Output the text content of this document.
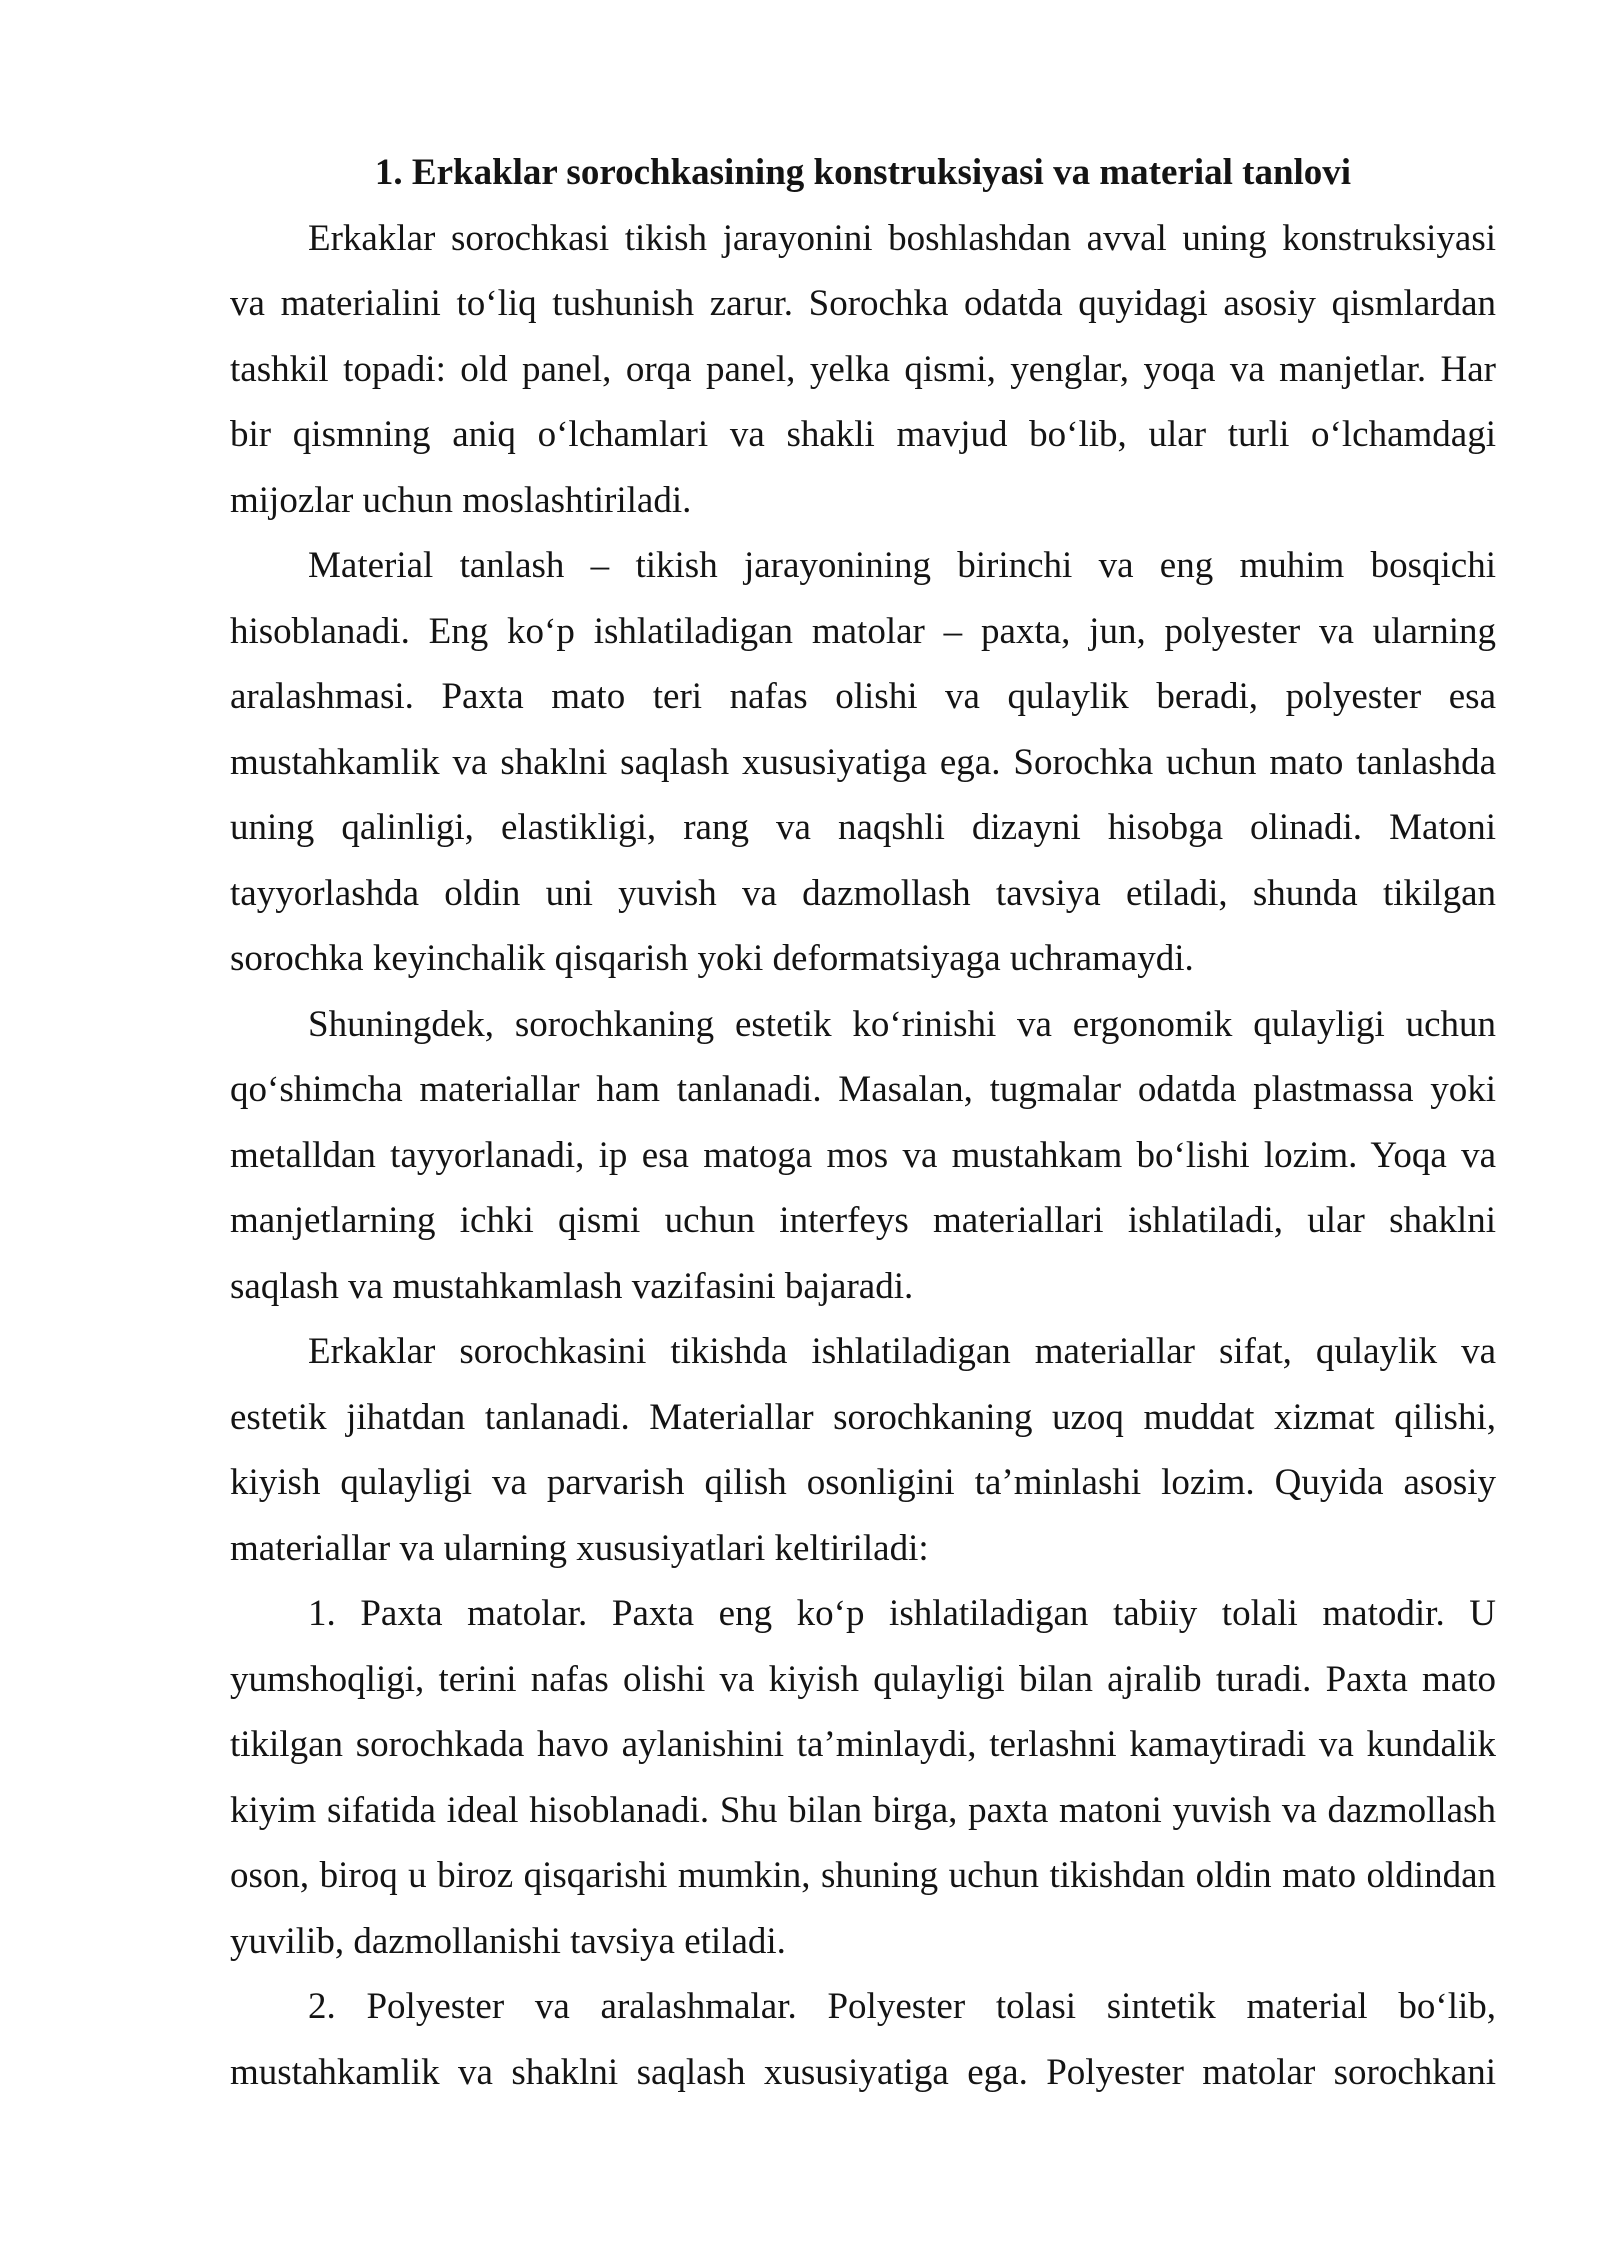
1. Erkaklar sorochkasining konstruksiyasi va material tanlovi
Erkaklar sorochkasi tikish jarayonini boshlashdan avval uning konstruksiyasi
va materialini to‘liq tushunish zarur. Sorochka odatda quyidagi asosiy qismlardan
tashkil topadi: old panel, orqa panel, yelka qismi, yenglar, yoqa va manjetlar. Har
bir qismning aniq o‘lchamlari va shakli mavjud bo‘lib, ular turli o‘lchamdagi
mijozlar uchun moslashtiriladi.
Material tanlash – tikish jarayonining birinchi va eng muhim bosqichi
hisoblanadi. Eng ko‘p ishlatiladigan matolar – paxta, jun, polyester va ularning
aralashmasi. Paxta mato teri nafas olishi va qulaylik beradi, polyester esa
mustahkamlik va shaklni saqlash xususiyatiga ega. Sorochka uchun mato tanlashda
uning qalinligi, elastikligi, rang va naqshli dizayni hisobga olinadi. Matoni
tayyorlashda oldin uni yuvish va dazmollash tavsiya etiladi, shunda tikilgan
sorochka keyinchalik qisqarish yoki deformatsiyaga uchramaydi.
Shuningdek, sorochkaning estetik ko‘rinishi va ergonomik qulayligi uchun
qo‘shimcha materiallar ham tanlanadi. Masalan, tugmalar odatda plastmassa yoki
metalldan tayyorlanadi, ip esa matoga mos va mustahkam bo‘lishi lozim. Yoqa va
manjetlarning ichki qismi uchun interfeys materiallari ishlatiladi, ular shaklni
saqlash va mustahkamlash vazifasini bajaradi.
Erkaklar sorochkasini tikishda ishlatiladigan materiallar sifat, qulaylik va
estetik jihatdan tanlanadi. Materiallar sorochkaning uzoq muddat xizmat qilishi,
kiyish qulayligi va parvarish qilish osonligini ta’minlashi lozim. Quyida asosiy
materiallar va ularning xususiyatlari keltiriladi:
1. Paxta matolar. Paxta eng ko‘p ishlatiladigan tabiiy tolali matodir. U
yumshoqligi, terini nafas olishi va kiyish qulayligi bilan ajralib turadi. Paxta mato
tikilgan sorochkada havo aylanishini ta’minlaydi, terlashni kamaytiradi va kundalik
kiyim sifatida ideal hisoblanadi. Shu bilan birga, paxta matoni yuvish va dazmollash
oson, biroq u biroz qisqarishi mumkin, shuning uchun tikishdan oldin mato oldindan
yuvilib, dazmollanishi tavsiya etiladi.
2. Polyester va aralashmalar. Polyester tolasi sintetik material bo‘lib,
mustahkamlik va shaklni saqlash xususiyatiga ega. Polyester matolar sorochkani
